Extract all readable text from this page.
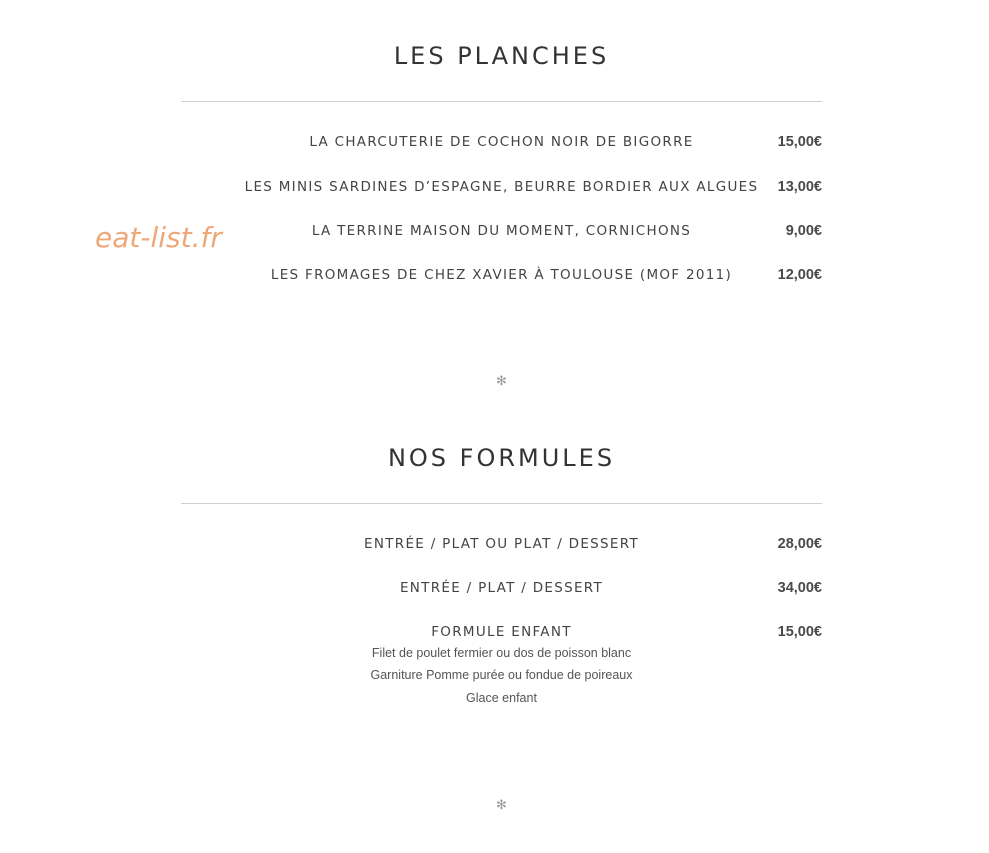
eat-list.fr
LES PLANCHES
LA CHARCUTERIE DE COCHON NOIR DE BIGORRE	15,00€
LES MINIS SARDINES D’ESPAGNE, BEURRE BORDIER AUX ALGUES	13,00€
LA TERRINE MAISON DU MOMENT, CORNICHONS	9,00€
LES FROMAGES DE CHEZ XAVIER À TOULOUSE (MOF 2011)	12,00€
✻
NOS FORMULES
ENTRÉE / PLAT OU PLAT / DESSERT	28,00€
ENTRÉE / PLAT / DESSERT	34,00€
FORMULE ENFANT	15,00€
Filet de poulet fermier ou dos de poisson blanc
Garniture Pomme purée ou fondue de poireaux
Glace enfant
✻
